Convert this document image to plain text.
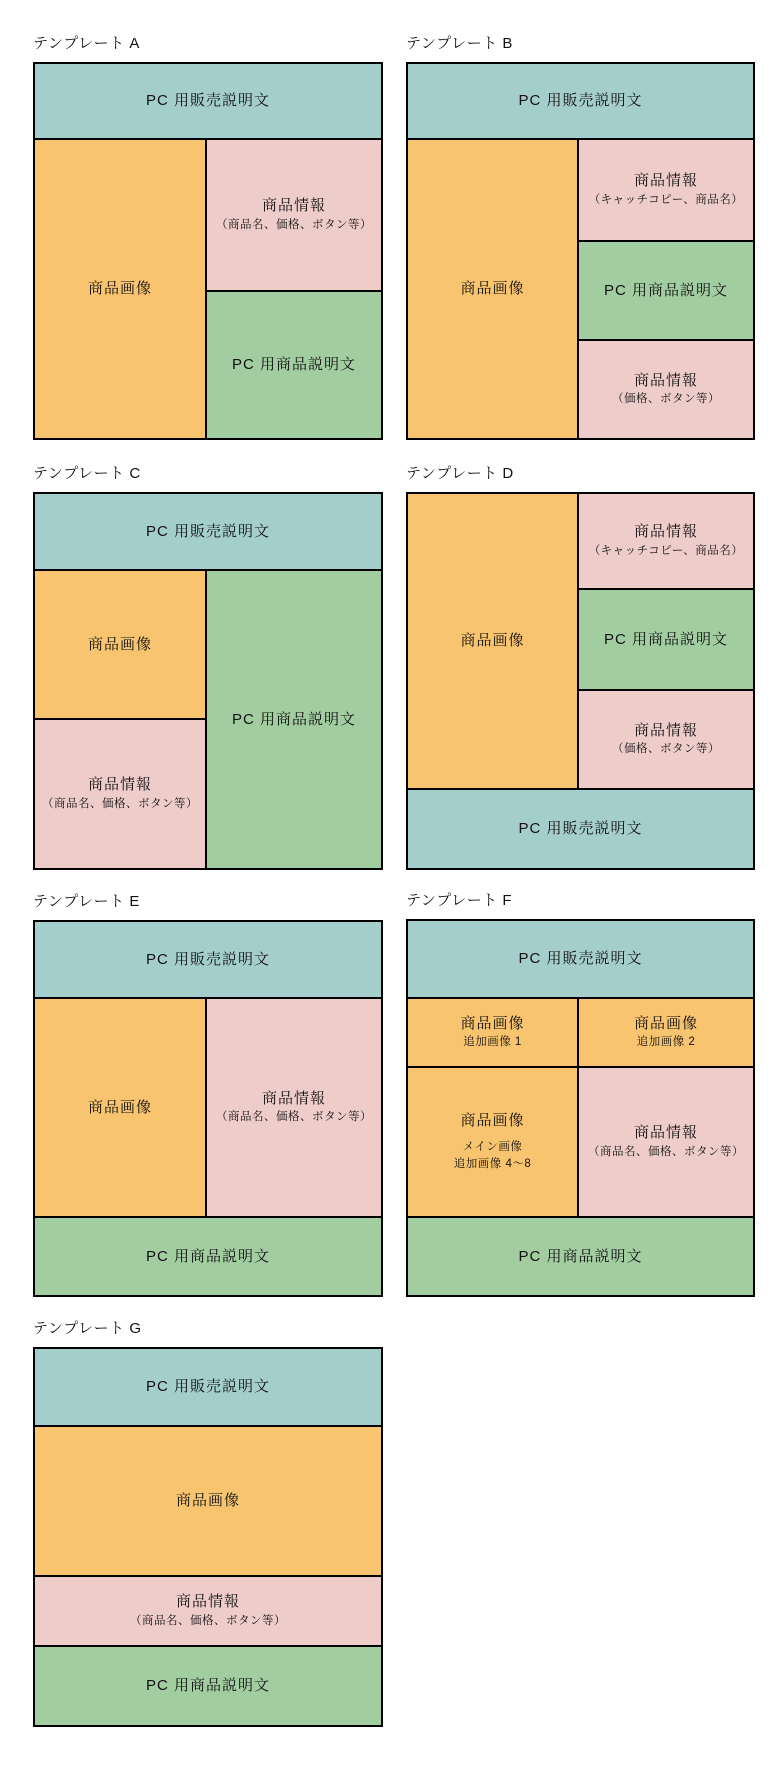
テンプレート A
PC 用販売説明文
商品画像
商品情報
（商品名、価格、ボタン等）
PC 用商品説明文
テンプレート B
PC 用販売説明文
商品画像
商品情報
（キャッチコピー、商品名）
PC 用商品説明文
商品情報
（価格、ボタン等）
テンプレート C
PC 用販売説明文
商品画像
商品情報
（商品名、価格、ボタン等）
PC 用商品説明文
テンプレート D
商品画像
商品情報
（キャッチコピー、商品名）
PC 用商品説明文
商品情報
（価格、ボタン等）
PC 用販売説明文
テンプレート E
PC 用販売説明文
商品画像
商品情報
（商品名、価格、ボタン等）
PC 用商品説明文
テンプレート F
PC 用販売説明文
商品画像
追加画像 1
商品画像
追加画像 2
商品画像
メイン画像
追加画像 4～8
商品情報
（商品名、価格、ボタン等）
PC 用商品説明文
テンプレート G
PC 用販売説明文
商品画像
商品情報
（商品名、価格、ボタン等）
PC 用商品説明文
